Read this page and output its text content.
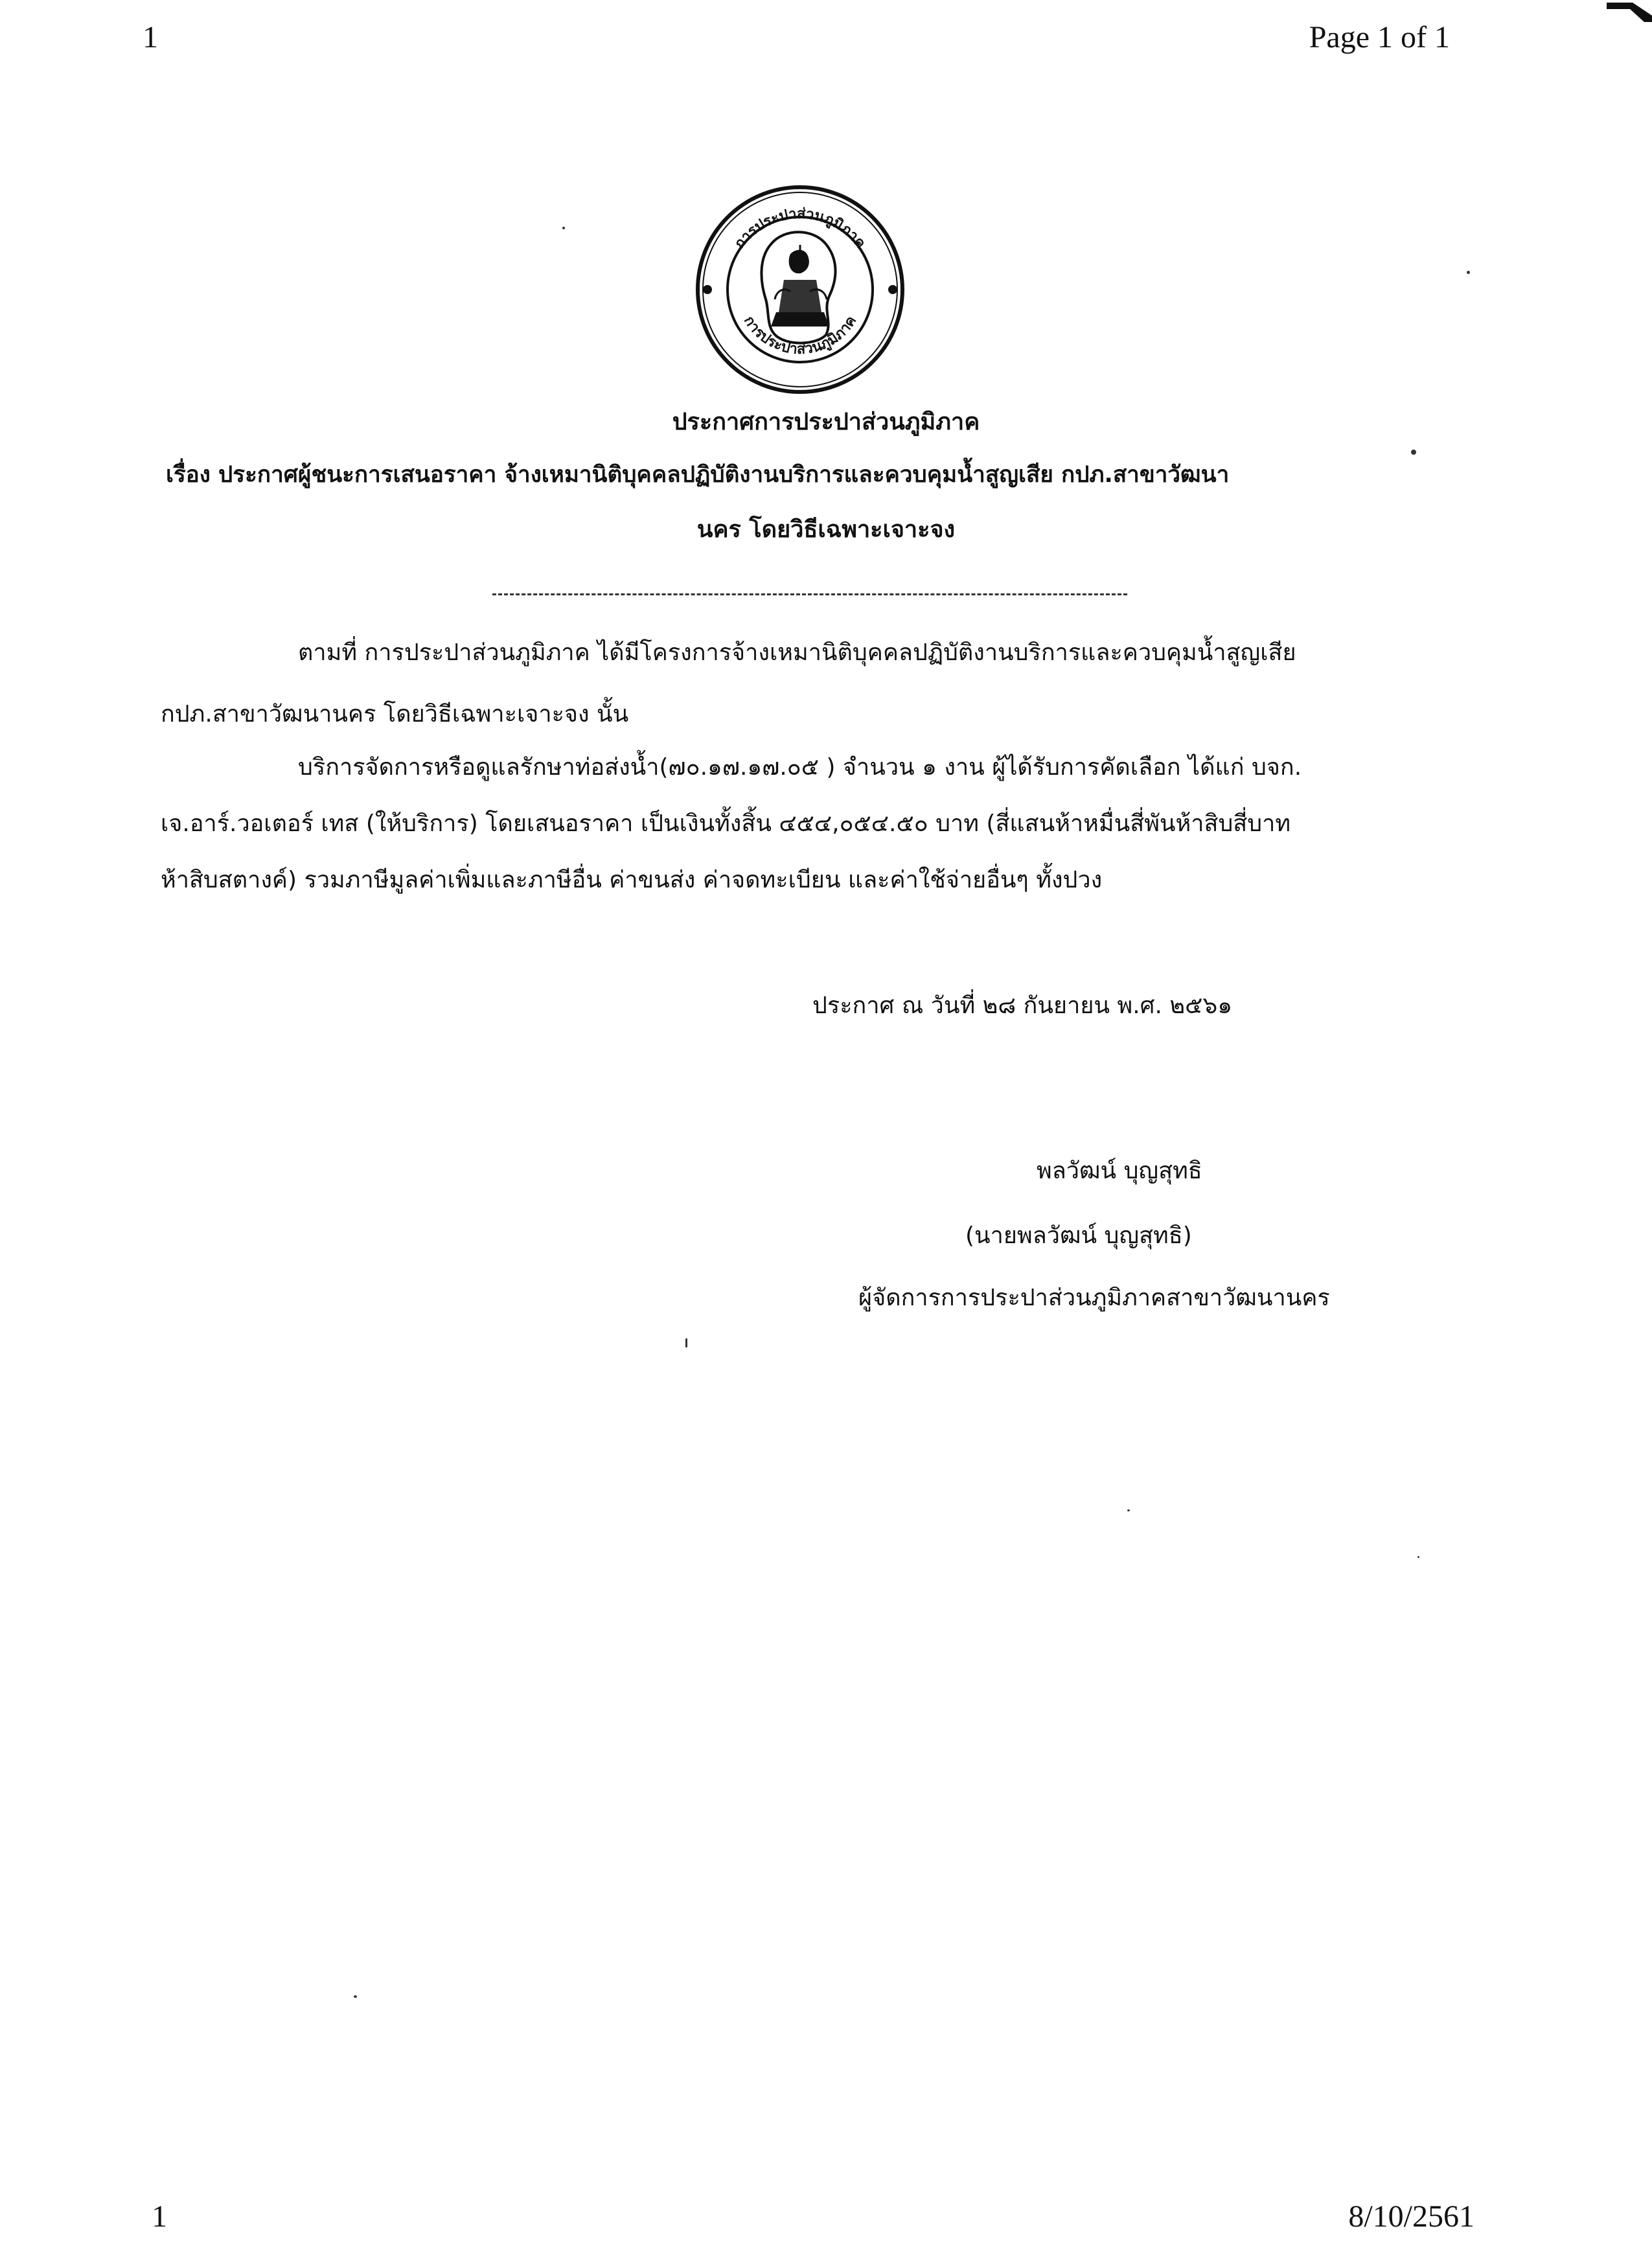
1	Page 1 of 1
การประปาส่วนภูมิภาค
การประปาส่วนภูมิภาค
ประกาศการประปาส่วนภูมิภาค
เรื่อง ประกาศผู้ชนะการเสนอราคา จ้างเหมานิติบุคคลปฏิบัติงานบริการและควบคุมน้ำสูญเสีย กปภ.สาขาวัฒนา
นคร โดยวิธีเฉพาะเจาะจง
ตามที่ การประปาส่วนภูมิภาค ได้มีโครงการจ้างเหมานิติบุคคลปฏิบัติงานบริการและควบคุมน้ำสูญเสีย
กปภ.สาขาวัฒนานคร โดยวิธีเฉพาะเจาะจง นั้น
บริการจัดการหรือดูแลรักษาท่อส่งน้ำ(๗๐.๑๗.๑๗.๐๕ ) จำนวน ๑ งาน ผู้ได้รับการคัดเลือก ได้แก่ บจก.
เจ.อาร์.วอเตอร์ เทส (ให้บริการ) โดยเสนอราคา เป็นเงินทั้งสิ้น ๔๕๔,๐๕๔.๕๐ บาท (สี่แสนห้าหมื่นสี่พันห้าสิบสี่บาท
ห้าสิบสตางค์) รวมภาษีมูลค่าเพิ่มและภาษีอื่น ค่าขนส่ง ค่าจดทะเบียน และค่าใช้จ่ายอื่นๆ ทั้งปวง
ประกาศ ณ วันที่ ๒๘ กันยายน พ.ศ. ๒๕๖๑
พลวัฒน์ บุญสุทธิ
(นายพลวัฒน์ บุญสุทธิ)
ผู้จัดการการประปาส่วนภูมิภาคสาขาวัฒนานคร
1	8/10/2561
